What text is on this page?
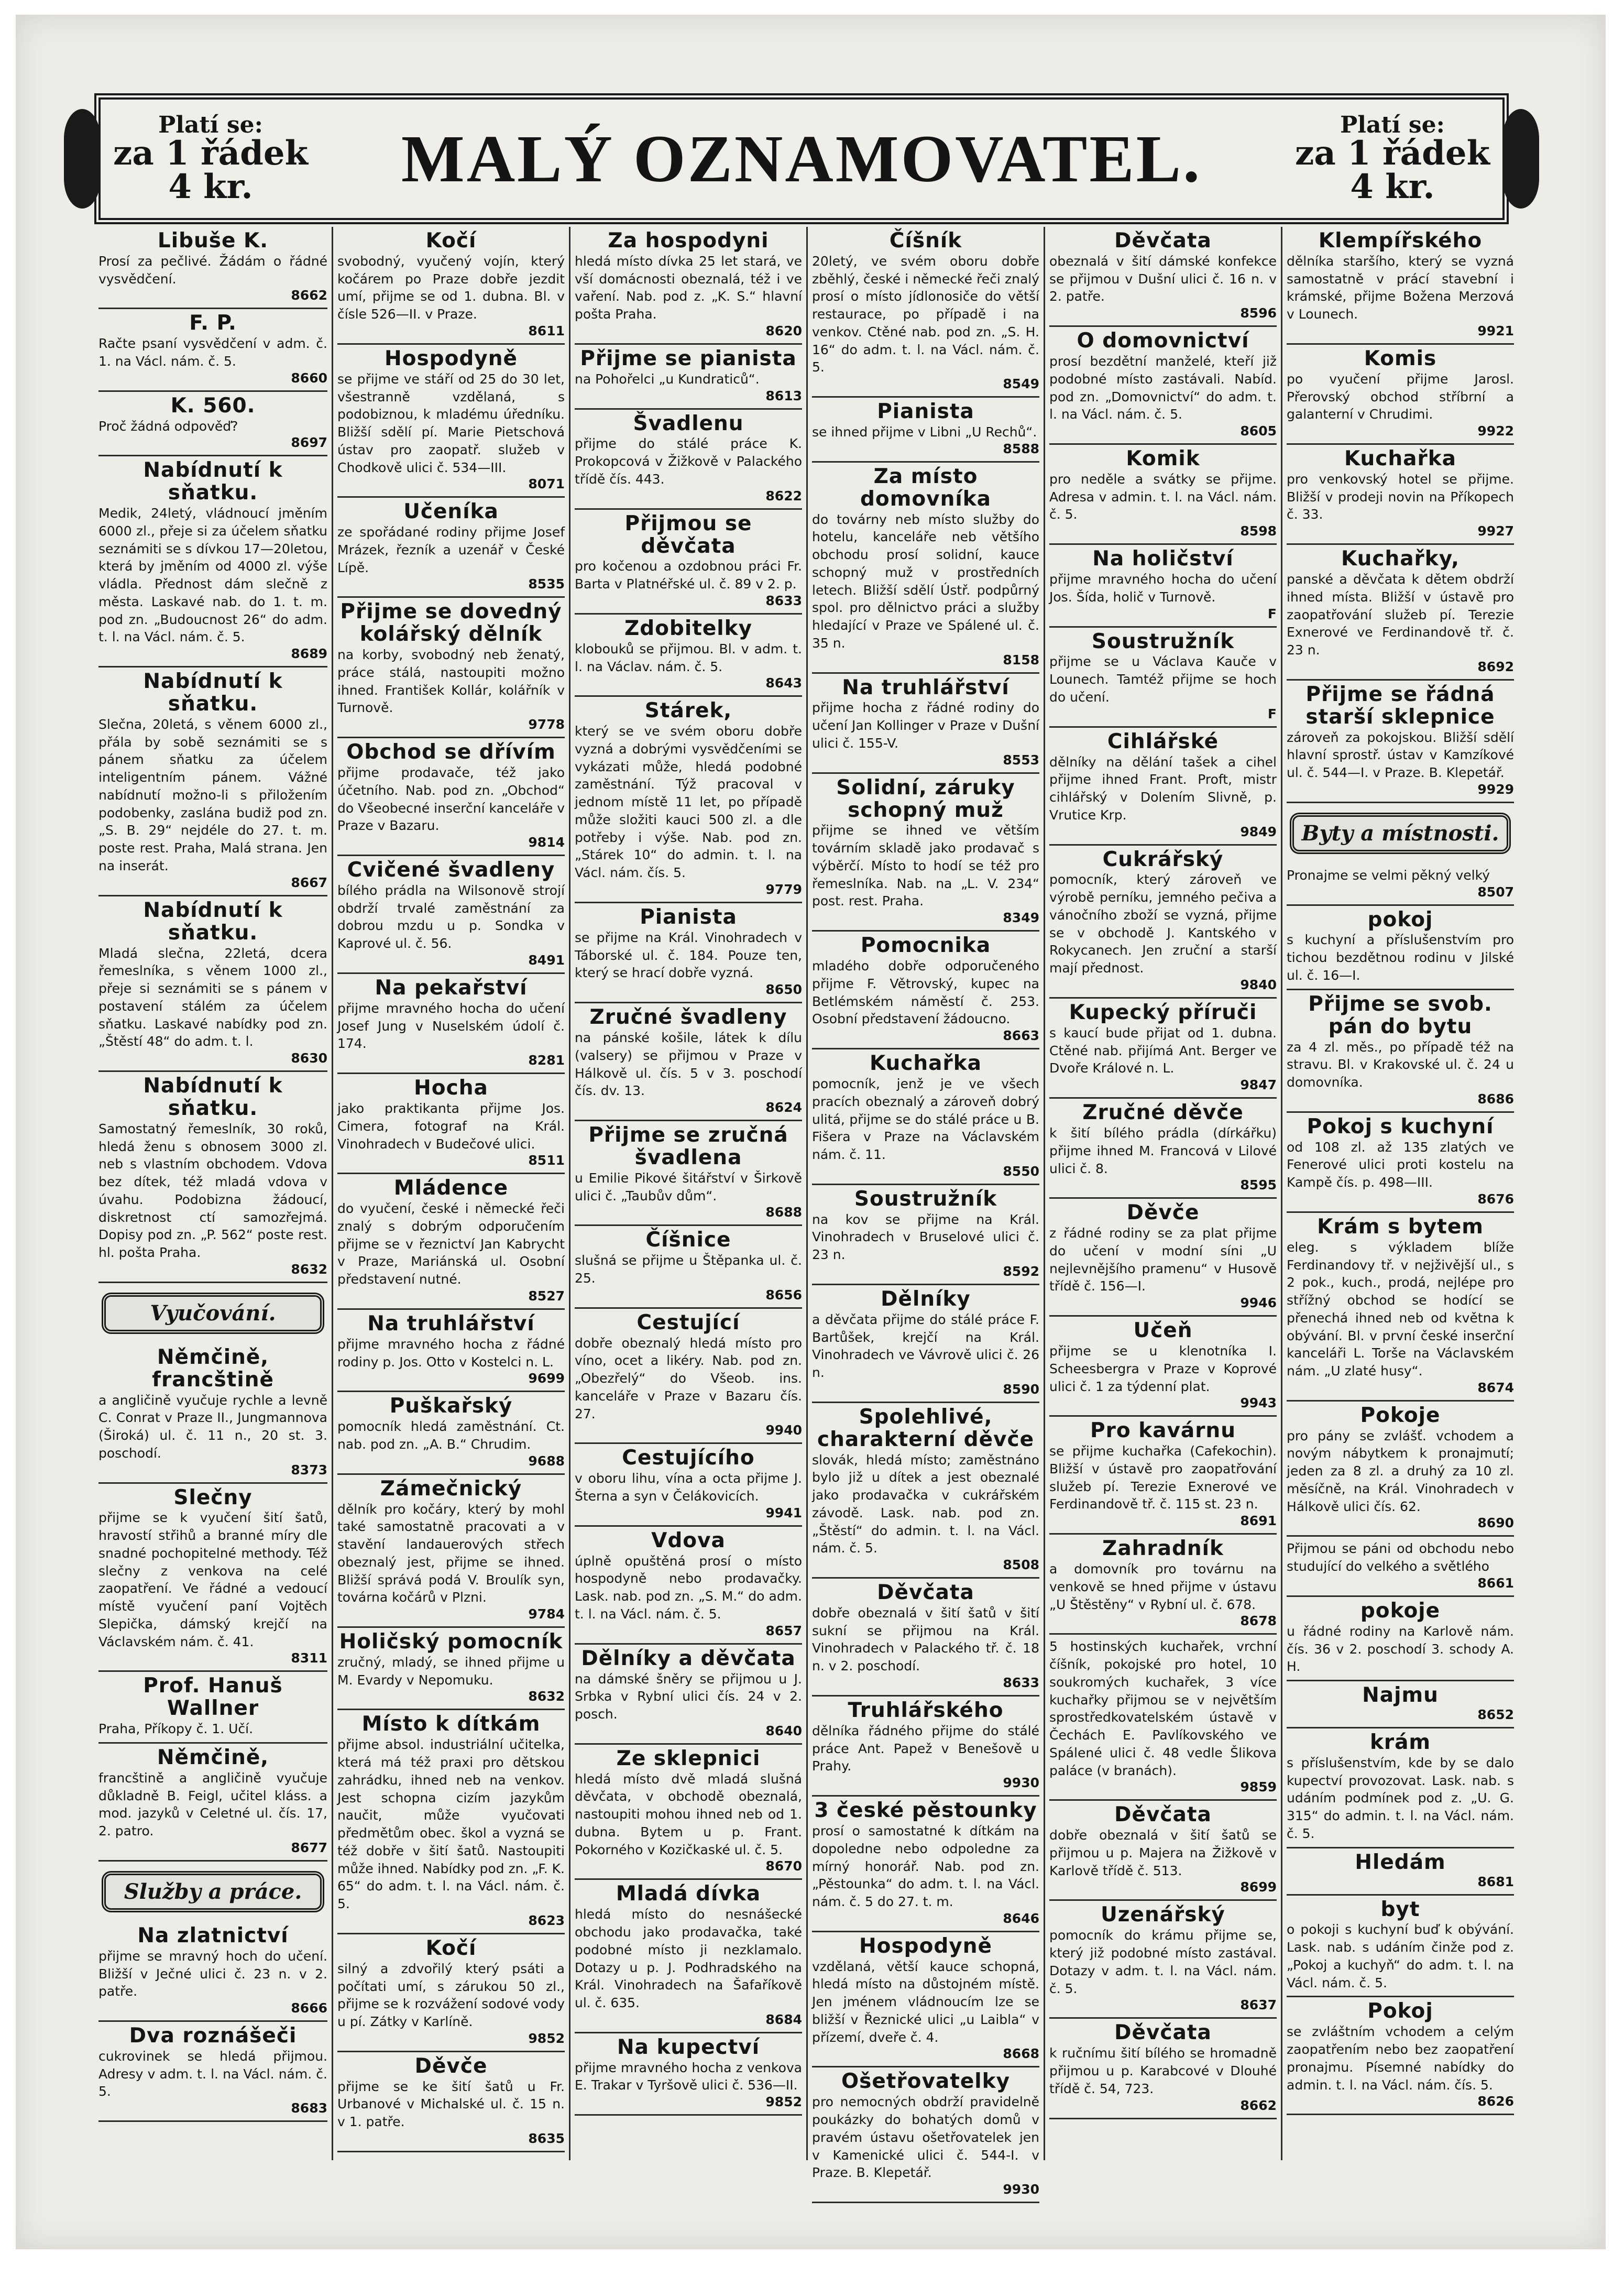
Platí se:
za 1 řádek 4 kr.	MALÝ OZNAMOVATEL.	Platí se:
za 1 řádek 4 kr.
Libuše K.
Prosí za pečlivé. Žádám o řádné vysvědčení.
8662
F. P.
Račte psaní vysvědčení v adm. č. 1. na Václ. nám. č. 5.
8660
K. 560.
Proč žádná odpověď?
8697
Nabídnutí k sňatku.
Medik, 24letý, vládnoucí jměním 6000 zl., přeje si za účelem sňatku seznámiti se s dívkou 17—20letou, která by jměním od 4000 zl. výše vládla. Přednost dám slečně z města. Laskavé nab. do 1. t. m. pod zn. „Budoucnost 26“ do adm. t. l. na Václ. nám. č. 5.
8689
Nabídnutí k sňatku.
Slečna, 20letá, s věnem 6000 zl., přála by sobě seznámiti se s pánem sňatku za účelem inteligentním pánem. Vážné nabídnutí možno-li s přiložením podobenky, zaslána budiž pod zn. „S. B. 29“ nejdéle do 27. t. m. poste rest. Praha, Malá strana. Jen na inserát.
8667
Nabídnutí k sňatku.
Mladá slečna, 22letá, dcera řemeslníka, s věnem 1000 zl., přeje si seznámiti se s pánem v postavení stálém za účelem sňatku. Laskavé nabídky pod zn. „Štěstí 48“ do adm. t. l.
8630
Nabídnutí k sňatku.
Samostatný řemeslník, 30 roků, hledá ženu s obnosem 3000 zl. neb s vlastním obchodem. Vdova bez dítek, též mladá vdova v úvahu. Podobizna žádoucí, diskretnost ctí samozřejmá. Dopisy pod zn. „P. 562“ poste rest. hl. pošta Praha.
8632
Vyučování.
Němčině, francštině
a angličině vyučuje rychle a levně C. Conrat v Praze II., Jungmannova (Široká) ul. č. 11 n., 20 st. 3. poschodí.
8373
Slečny
přijme se k vyučení šití šatů, hravostí střihů a branné míry dle snadné pochopitelné methody. Též slečny z venkova na celé zaopatření. Ve řádné a vedoucí místě vyučení paní Vojtěch Slepička, dámský krejčí na Václavském nám. č. 41.
8311
Prof. Hanuš Wallner
Praha, Příkopy č. 1. Učí.
Němčině,
francštině a angličině vyučuje důkladně B. Feigl, učitel kláss. a mod. jazyků v Celetné ul. čís. 17, 2. patro.
8677
Služby a práce.
Na zlatnictví
přijme se mravný hoch do učení. Bližší v Ječné ulici č. 23 n. v 2. patře.
8666
Dva roznášeči
cukrovinek se hledá přijmou. Adresy v adm. t. l. na Václ. nám. č. 5.
8683
Kočí
svobodný, vyučený vojín, který kočárem po Praze dobře jezdit umí, přijme se od 1. dubna. Bl. v čísle 526—II. v Praze.
8611
Hospodyně
se přijme ve stáří od 25 do 30 let, všestranně vzdělaná, s podobiznou, k mladému úředníku. Bližší sdělí pí. Marie Pietschová ústav pro zaopatř. služeb v Chodkově ulici č. 534—III.
8071
Učeníka
ze spořádané rodiny přijme Josef Mrázek, řezník a uzenář v České Lípě.
8535
Přijme se dovedný kolářský dělník
na korby, svobodný neb ženatý, práce stálá, nastoupiti možno ihned. František Kollár, kolářník v Turnově.
9778
Obchod se dřívím
přijme prodavače, též jako účetního. Nab. pod zn. „Obchod“ do Všeobecné inserční kanceláře v Praze v Bazaru.
9814
Cvičené švadleny
bílého prádla na Wilsonově strojí obdrží trvalé zaměstnání za dobrou mzdu u p. Sondka v Kaprové ul. č. 56.
8491
Na pekařství
přijme mravného hocha do učení Josef Jung v Nuselském údolí č. 174.
8281
Hocha
jako praktikanta přijme Jos. Cimera, fotograf na Král. Vinohradech v Budečové ulici.
8511
Mládence
do vyučení, české i německé řeči znalý s dobrým odporučením přijme se v řeznictví Jan Kabrycht v Praze, Mariánská ul. Osobní představení nutné.
8527
Na truhlářství
přijme mravného hocha z řádné rodiny p. Jos. Otto v Kostelci n. L.
9699
Puškařský
pomocník hledá zaměstnání. Ct. nab. pod zn. „A. B.“ Chrudim.
9688
Zámečnický
dělník pro kočáry, který by mohl také samostatně pracovati a v stavění landauerových střech obeznalý jest, přijme se ihned. Bližší správá podá V. Broulík syn, továrna kočárů v Plzni.
9784
Holičský pomocník
zručný, mladý, se ihned přijme u M. Evardy v Nepomuku.
8632
Místo k dítkám
přijme absol. industriální učitelka, která má též praxi pro dětskou zahrádku, ihned neb na venkov. Jest schopna cizím jazykům naučit, může vyučovati předmětům obec. škol a vyzná se též dobře v šití šatů. Nastoupiti může ihned. Nabídky pod zn. „F. K. 65“ do adm. t. l. na Václ. nám. č. 5.
8623
Kočí
silný a zdvořilý který psáti a počítati umí, s zárukou 50 zl., přijme se k rozvážení sodové vody u pí. Zátky v Karlíně.
9852
Děvče
přijme se ke šití šatů u Fr. Urbanové v Michalské ul. č. 15 n. v 1. patře.
8635
Za hospodyni
hledá místo dívka 25 let stará, ve vší domácnosti obeznalá, též i ve vaření. Nab. pod z. „K. S.“ hlavní pošta Praha.
8620
Přijme se pianista
na Pohořelci „u Kundraticů“.
8613
Švadlenu
přijme do stálé práce K. Prokopcová v Žižkově v Palackého třídě čís. 443.
8622
Přijmou se děvčata
pro kočenou a ozdobnou práci Fr. Barta v Platnéřské ul. č. 89 v 2. p.
8633
Zdobitelky
klobouků se přijmou. Bl. v adm. t. l. na Václav. nám. č. 5.
8643
Stárek,
který se ve svém oboru dobře vyzná a dobrými vysvědčeními se vykázati může, hledá podobné zaměstnání. Týž pracoval v jednom místě 11 let, po případě může složiti kauci 500 zl. a dle potřeby i výše. Nab. pod zn. „Stárek 10“ do admin. t. l. na Václ. nám. čís. 5.
9779
Pianista
se přijme na Král. Vinohradech v Táborské ul. č. 184. Pouze ten, který se hrací dobře vyzná.
8650
Zručné švadleny
na pánské košile, látek k dílu (valsery) se přijmou v Praze v Hálkově ul. čís. 5 v 3. poschodí čís. dv. 13.
8624
Přijme se zručná švadlena
u Emilie Pikové šitářství v Širkově ulici č. „Taubův dům“.
8688
Číšnice
slušná se přijme u Štěpanka ul. č. 25.
8656
Cestující
dobře obeznalý hledá místo pro víno, ocet a likéry. Nab. pod zn. „Obezřelý“ do Všeob. ins. kanceláře v Praze v Bazaru čís. 27.
9940
Cestujícího
v oboru lihu, vína a octa přijme J. Šterna a syn v Čelákovicích.
9941
Vdova
úplně opuštěná prosí o místo hospodyně nebo prodavačky. Lask. nab. pod zn. „S. M.“ do adm. t. l. na Václ. nám. č. 5.
8657
Dělníky a děvčata
na dámské šněry se přijmou u J. Srbka v Rybní ulici čís. 24 v 2. posch.
8640
Ze sklepnici
hledá místo dvě mladá slušná děvčata, v obchodě obeznalá, nastoupiti mohou ihned neb od 1. dubna. Bytem u p. Frant. Pokorného v Kozičkaské ul. č. 5.
8670
Mladá dívka
hledá místo do nesnášecké obchodu jako prodavačka, také podobné místo ji nezklamalo. Dotazy u p. J. Podhradského na Král. Vinohradech na Šafaříkově ul. č. 635.
8684
Na kupectví
přijme mravného hocha z venkova E. Trakar v Tyršově ulici č. 536—II.
9852
Číšník
20letý, ve svém oboru dobře zběhlý, české i německé řeči znalý prosí o místo jídlonosiče do větší restaurace, po případě i na venkov. Ctěné nab. pod zn. „S. H. 16“ do adm. t. l. na Václ. nám. č. 5.
8549
Pianista
se ihned přijme v Libni „U Rechů“.
8588
Za místo domovníka
do továrny neb místo služby do hotelu, kanceláře neb většího obchodu prosí solidní, kauce schopný muž v prostředních letech. Bližší sdělí Ústř. podpůrný spol. pro dělnictvo práci a služby hledající v Praze ve Spálené ul. č. 35 n.
8158
Na truhlářství
přijme hocha z řádné rodiny do učení Jan Kollinger v Praze v Dušní ulici č. 155-V.
8553
Solidní, zárukу schopný muž
přijme se ihned ve větším továrním skladě jako prodavač s výběrčí. Místo to hodí se též pro řemeslníka. Nab. na „L. V. 234“ post. rest. Praha.
8349
Pomocnika
mladého dobře odporučeného přijme F. Větrovský, kupec na Betlémském náměstí č. 253. Osobní představení žádoucno.
8663
Kuchařka
pomocník, jenž je ve všech pracích obeznalý a zároveň dobrý ulitá, přijme se do stálé práce u B. Fišera v Praze na Václavském nám. č. 11.
8550
Soustružník
na kov se přijme na Král. Vinohradech v Bruselové ulici č. 23 n.
8592
Dělníky
a děvčata přijme do stálé práce F. Bartůšek, krejčí na Král. Vinohradech ve Vávrově ulici č. 26 n.
8590
Spolehlivé, charakterní děvče
slovák, hledá místo; zaměstnáno bylo již u dítek a jest obeznalé jako prodavačka v cukrářském závodě. Lask. nab. pod zn. „Štěstí“ do admin. t. l. na Václ. nám. č. 5.
8508
Děvčata
dobře obeznalá v šití šatů v šití sukní se přijmou na Král. Vinohradech v Palackého tř. č. 18 n. v 2. poschodí.
8633
Truhlářského
dělníka řádného přijme do stálé práce Ant. Papež v Benešově u Prahy.
9930
3 české pěstounky
prosí o samostatné k dítkám na dopoledne nebo odpoledne za mírný honorář. Nab. pod zn. „Pěstounka“ do adm. t. l. na Václ. nám. č. 5 do 27. t. m.
8646
Hospodyně
vzdělaná, větší kauce schopná, hledá místo na důstojném místě. Jen jménem vládnoucím lze se bližší v Řeznické ulici „u Laibla“ v přízemí, dveře č. 4.
8668
Ošetřovatelky
pro nemocných obdrží pravidelně poukázky do bohatých domů v pravém ústavu ošetřovatelek jen v Kamenické ulici č. 544-I. v Praze. B. Klepetář.
9930
Děvčata
obeznalá v šití dámské konfekce se přijmou v Dušní ulici č. 16 n. v 2. patře.
8596
O domovnictví
prosí bezdětní manželé, kteří již podobné místo zastávali. Nabíd. pod zn. „Domovnictví“ do adm. t. l. na Václ. nám. č. 5.
8605
Komik
pro neděle a svátky se přijme. Adresa v admin. t. l. na Václ. nám. č. 5.
8598
Na holičství
přijme mravného hocha do učení Jos. Šída, holič v Turnově.
F
Soustružník
přijme se u Václava Kauče v Lounech. Tamtéž přijme se hoch do učení.
F
Cihlářské
dělníky na dělání tašek a cihel přijme ihned Frant. Proft, mistr cihlářský v Dolením Slivně, p. Vrutice Krp.
9849
Cukrářský
pomocník, který zároveň ve výrobě perníku, jemného pečiva a vánočního zboží se vyzná, přijme se v obchodě J. Kantského v Rokycanech. Jen zruční a starší mají přednost.
9840
Kupecký příruči
s kaucí bude přijat od 1. dubna. Ctěné nab. přijímá Ant. Berger ve Dvoře Králové n. L.
9847
Zručné děvče
k šití bílého prádla (dírkářku) přijme ihned M. Francová v Lilové ulici č. 8.
8595
Děvče
z řádné rodiny se za plat přijme do učení v modní síni „U nejlevnějšího pramenu“ v Husově třídě č. 156—I.
9946
Učeň
přijme se u klenotníka I. Scheesbergra v Praze v Koprové ulici č. 1 za týdenní plat.
9943
Pro kavárnu
se přijme kuchařka (Cafekochin). Bližší v ústavě pro zaopatřování služeb pí. Terezie Exnerové ve Ferdinandově tř. č. 115 st. 23 n.
8691
Zahradník
a domovník pro továrnu na venkově se hned přijme v ústavu „U Štěstěny“ v Rybní ul. č. 678.
8678
5 hostinských kuchařek, vrchní číšník, pokojské pro hotel, 10 soukromých kuchařek, 3 více kuchařky přijmou se v největším sprostředkovatelském ústavě v Čechách E. Pavlíkovského ve Spálené ulici č. 48 vedle Šlikova paláce (v branách).
9859
Děvčata
dobře obeznalá v šití šatů se přijmou u p. Majera na Žižkově v Karlově třídě č. 513.
8699
Uzenářský
pomocník do krámu přijme se, který již podobné místo zastával. Dotazy v adm. t. l. na Václ. nám. č. 5.
8637
Děvčata
k ručnímu šití bílého se hromadně přijmou u p. Karabcové v Dlouhé třídě č. 54, 723.
8662
Klempířského
dělníka staršího, který se vyzná samostatně v prácí stavební i krámské, přijme Božena Merzová v Lounech.
9921
Komis
po vyučení přijme Jarosl. Přerovský obchod stříbrní a galanterní v Chrudimi.
9922
Kuchařka
pro venkovský hotel se přijme. Bližší v prodeji novin na Příkopech č. 33.
9927
Kuchařky,
panské a děvčata k dětem obdrží ihned místa. Bližší v ústavě pro zaopatřování služeb pí. Terezie Exnerové ve Ferdinandově tř. č. 23 n.
8692
Přijme se řádná starší sklepnice
zároveň za pokojskou. Bližší sdělí hlavní sprostř. ústav v Kamzíkové ul. č. 544—I. v Praze. B. Klepetář.
9929
Byty a místnosti.
Pronajme se velmi pěkný velký
8507
pokoj
s kuchyní a příslušenstvím pro tichou bezdětnou rodinu v Jilské ul. č. 16—I.
Přijme se svob. pán do bytu
za 4 zl. měs., po případě též na stravu. Bl. v Krakovské ul. č. 24 u domovníka.
8686
Pokoj s kuchyní
od 108 zl. až 135 zlatých ve Fenerové ulici proti kostelu na Kampě čís. p. 498—III.
8676
Krám s bytem
eleg. s výkladem blíže Ferdinandovy tř. v nejživější ul., s 2 pok., kuch., prodá, nejlépe pro střížný obchod se hodící se přenechá ihned neb od května k obývání. Bl. v první české inserční kanceláři L. Torše na Václavském nám. „U zlaté husy“.
8674
Pokoje
pro pány se zvlášť. vchodem a novým nábytkem k pronajmutí; jeden za 8 zl. a druhý za 10 zl. měsíčně, na Král. Vinohradech v Hálkově ulici čís. 62.
8690
Přijmou se páni od obchodu nebo studující do velkého a světlého
8661
pokoje
u řádné rodiny na Karlově nám. čís. 36 v 2. poschodí 3. schody A. H.
Najmu
8652
krám
s příslušenstvím, kde by se dalo kupectví provozovat. Lask. nab. s udáním podmínek pod z. „U. G. 315“ do admin. t. l. na Václ. nám. č. 5.
Hledám
8681
byt
o pokoji s kuchyní buď k obývání. Lask. nab. s udáním činže pod z. „Pokoj a kuchyň“ do adm. t. l. na Václ. nám. č. 5.
Pokoj
se zvláštním vchodem a celým zaopatřením nebo bez zaopatření pronajmu. Písemné nabídky do admin. t. l. na Václ. nám. čís. 5.
8626
